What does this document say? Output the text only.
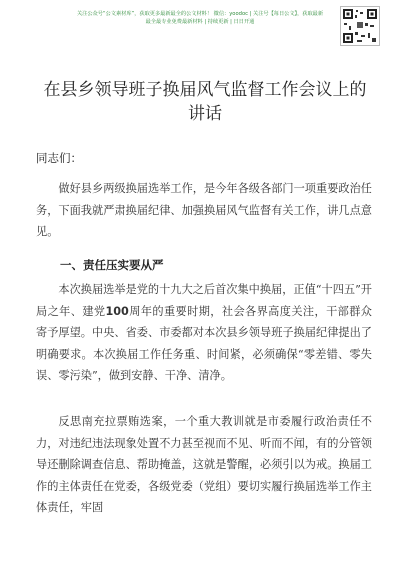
关注公众号“公文素材库”，获取更多最新最全的公文材料！ 微信：yoodoc | 关注号【每日公文】，获取最新
最全最专业免费最新材料 | 持续更新 | 日日开通
在县乡领导班子换届风气监督工作会议上的讲话
同志们：
做好县乡两级换届选举工作，是今年各级各部门一项重要政治任务，下面我就严肃换届纪律、加强换届风气监督有关工作，讲几点意见。
一、责任压实要从严
本次换届选举是党的十九大之后首次集中换届，正值“十四五”开局之年、建党100周年的重要时期，社会各界高度关注，干部群众寄予厚望。中央、省委、市委都对本次县乡领导班子换届纪律提出了明确要求。本次换届工作任务重、时间紧，必须确保“零差错、零失误、零污染”，做到安静、干净、清净。
反思南充拉票贿选案，一个重大教训就是市委履行政治责任不力，对违纪违法现象处置不力甚至视而不见、听而不闻，有的分管领导还删除调查信息、帮助掩盖，这就是警醒，必须引以为戒。换届工作的主体责任在党委，各级党委（党组）要切实履行换届选举工作主体责任，牢固
